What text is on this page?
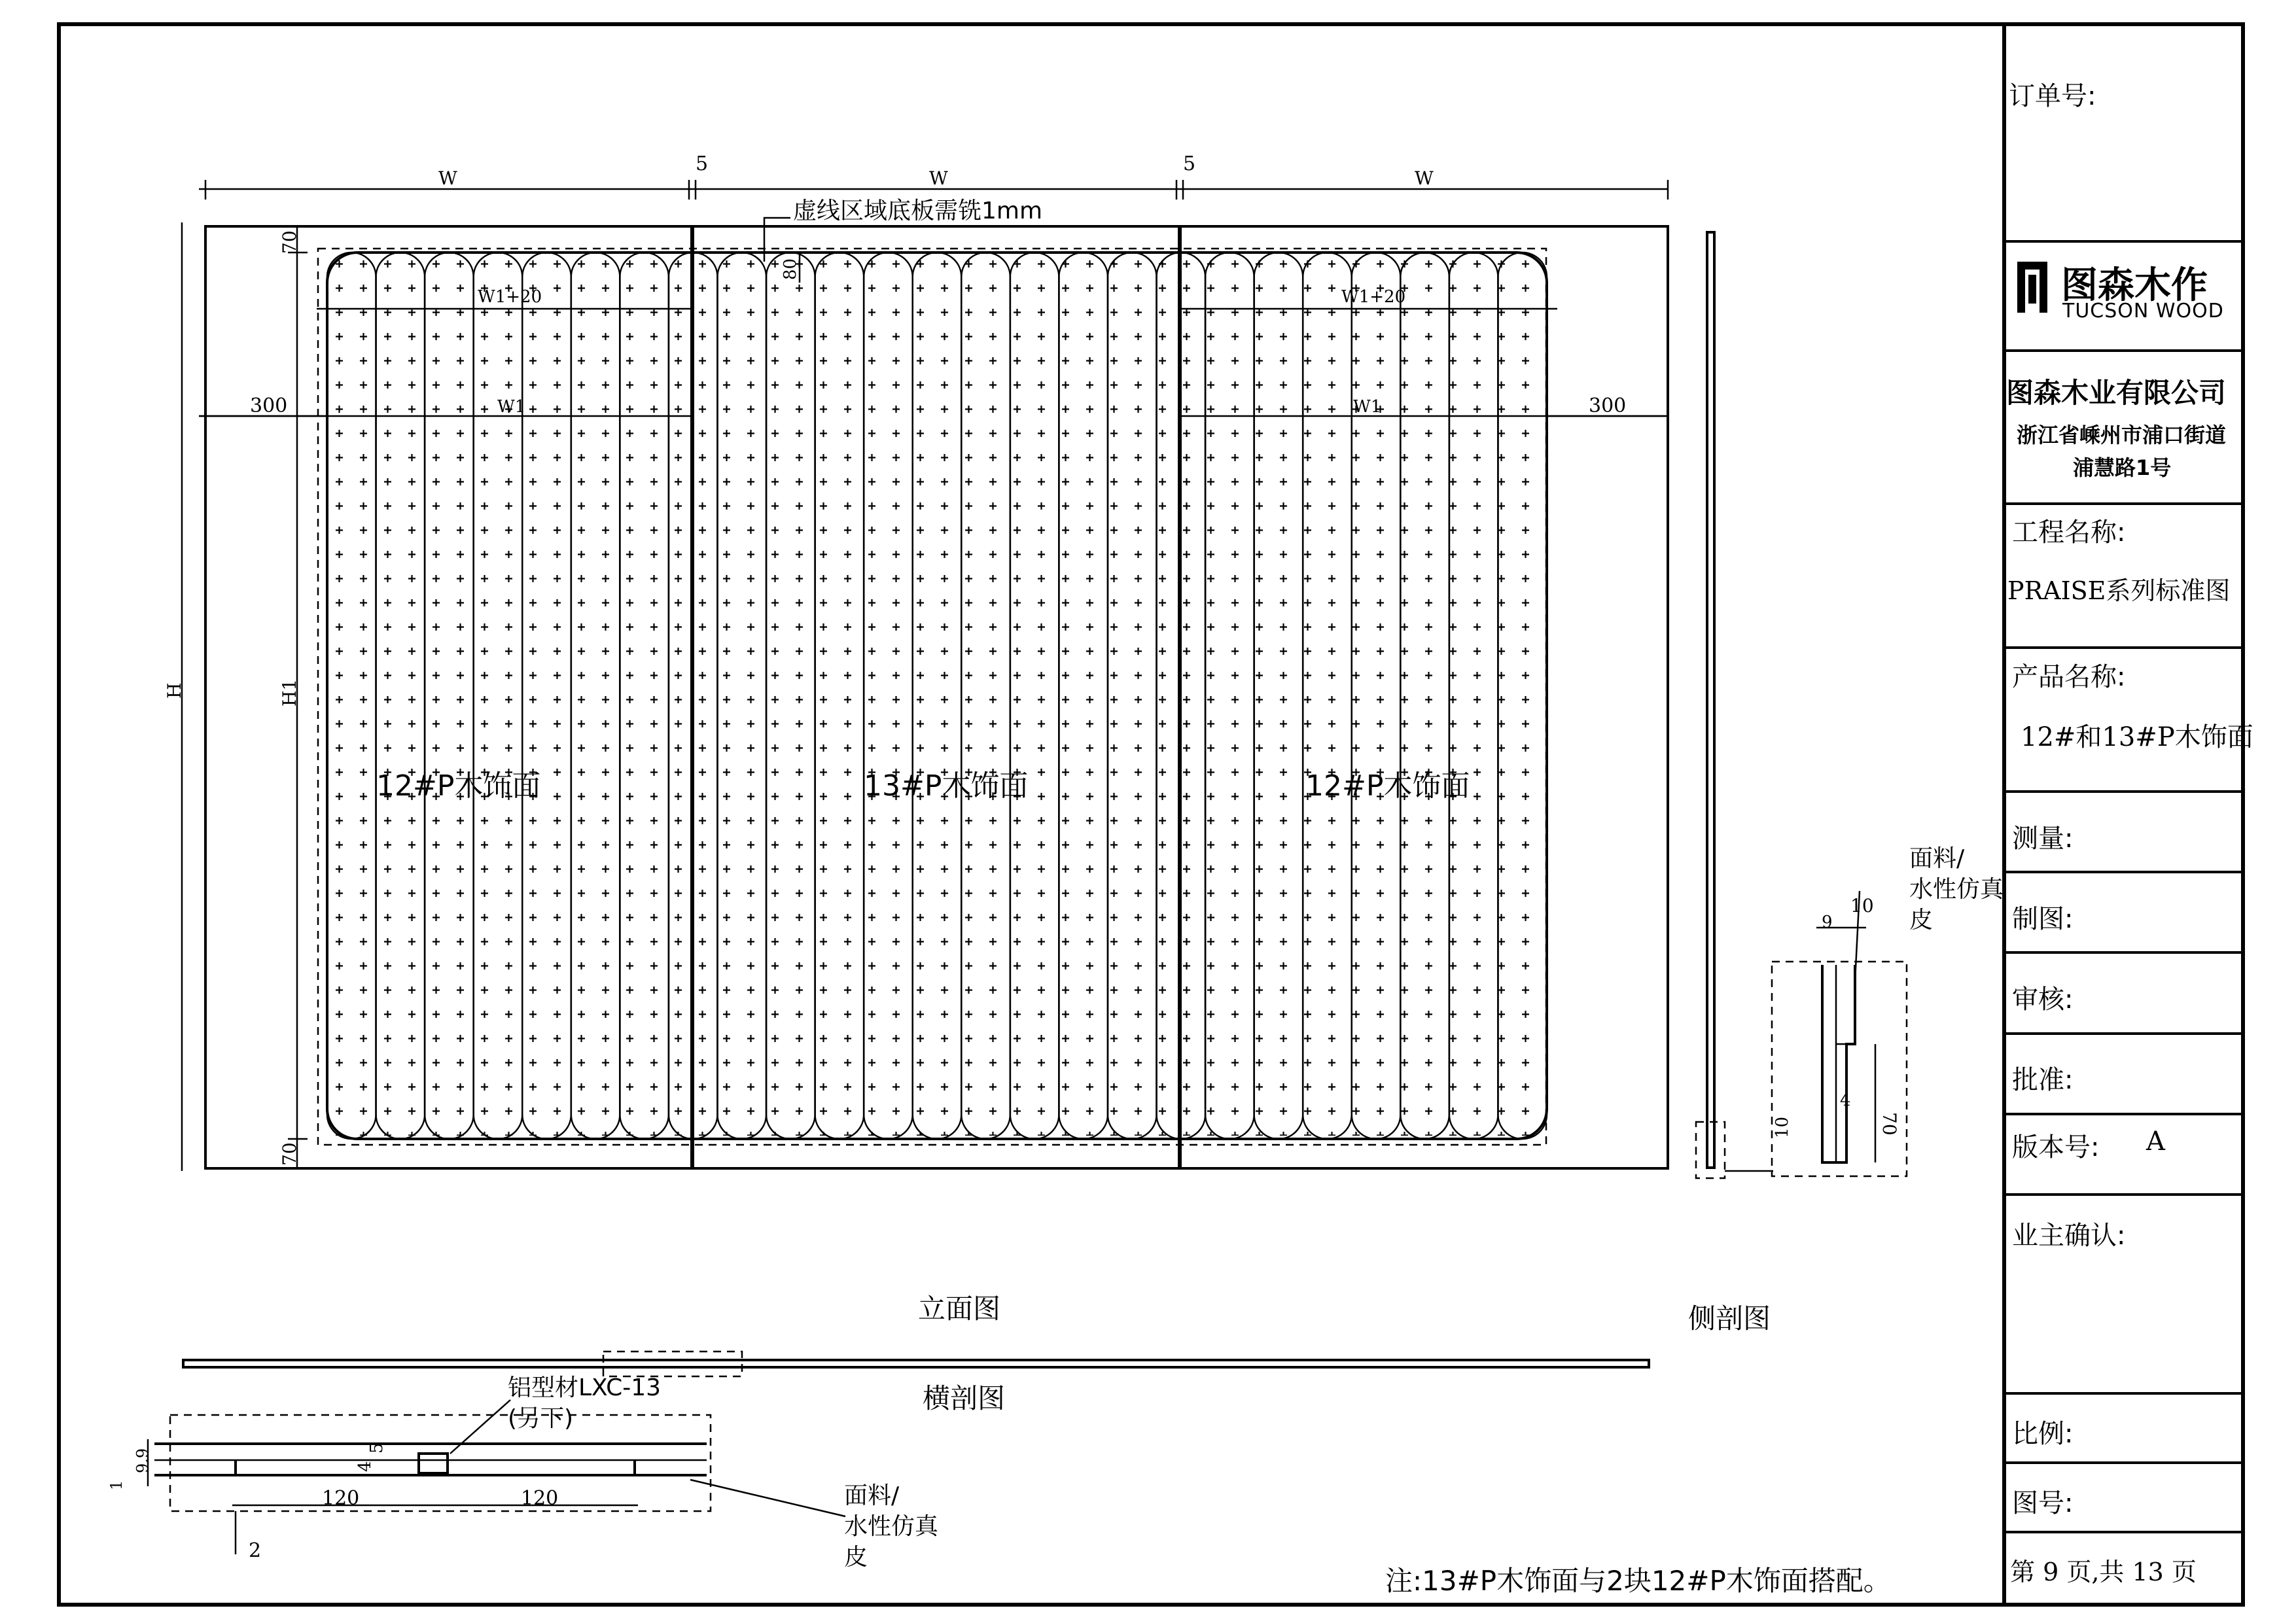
W
5
W
5
W
虚线区域底板需铣1mm
W1+20	W1+20
W1	W1
300	300
H	H1
70
70
80
12#P木饰面	13#P木饰面	12#P木饰面
立面图
9
10
4
70
10
面料/
水性仿真
皮
侧剖图
横剖图
铝型材LXC-13
(另下)
120	120
5
4
9.9
1
2
面料/
水性仿真
皮
注:13#P木饰面与2块12#P木饰面搭配。
订单号:
图森木作
TUCSON WOOD
图森木业有限公司
浙江省嵊州市浦口街道
浦慧路1号
工程名称:
PRAISE系列标准图
产品名称:
12#和13#P木饰面
测量:
制图:
审核:
批准:
版本号: A
业主确认:
比例:
图号:
第 9 页,共 13 页
